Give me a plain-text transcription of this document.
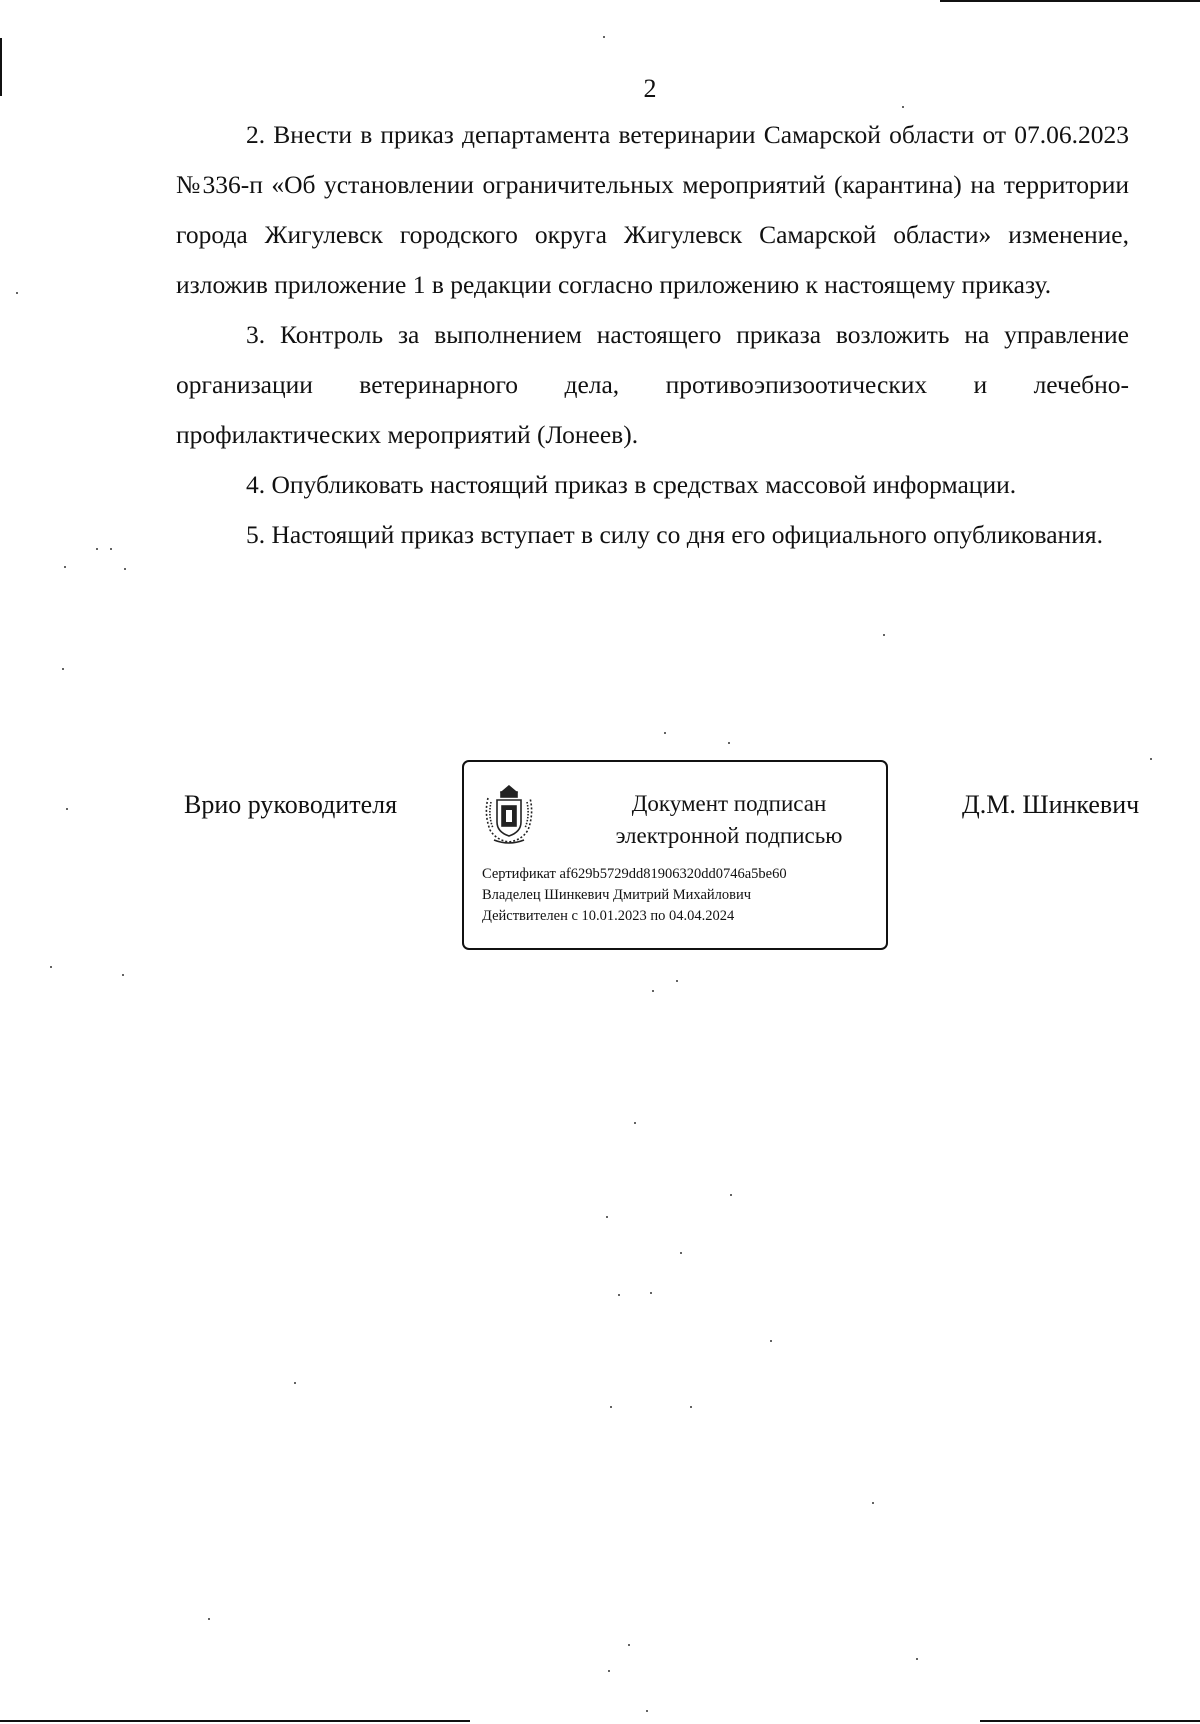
2

2. Внести в приказ департамента ветеринарии Самарской области от 07.06.2023 №336-п «Об установлении ограничительных мероприятий (карантина) на территории города Жигулевск городского округа Жигулевск Самарской области» изменение, изложив приложение 1 в редакции согласно приложению к настоящему приказу.

3. Контроль за выполнением настоящего приказа возложить на управление организации ветеринарного дела, противоэпизоотических и лечебно-профилактических мероприятий (Лонеев).

4. Опубликовать настоящий приказ в средствах массовой информации.

5. Настоящий приказ вступает в силу со дня его официального опубликования.

Врио руководителя	Документ подписан
электронной подписью
Сертификат af629b5729dd81906320dd0746a5be60
Владелец Шинкевич Дмитрий Михайлович
Действителен с 10.01.2023 по 04.04.2024
Д.М. Шинкевич
